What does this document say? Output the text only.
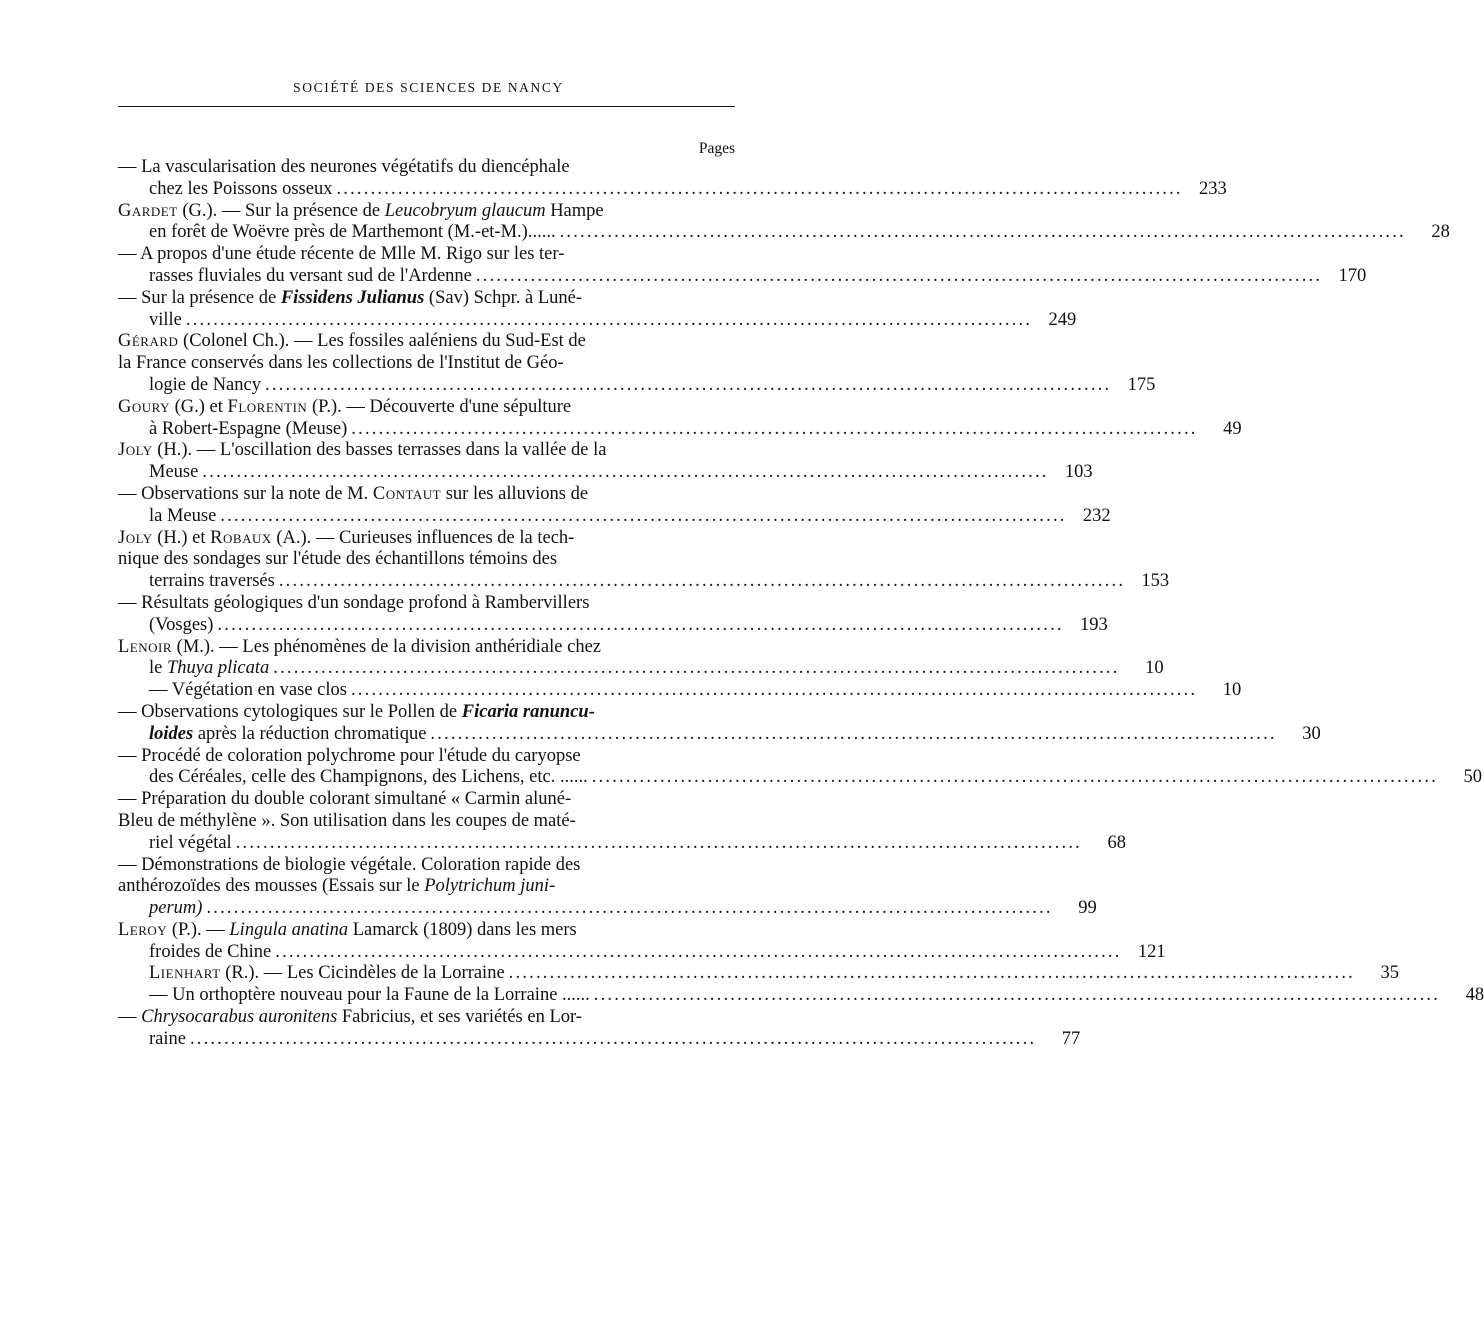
SOCIÉTÉ DES SCIENCES DE NANCY
Pages
— La vascularisation des neurones végétatifs du diencéphale
chez les Poissons osseux ............................................................................................................................ 233
Gardet (G.). — Sur la présence de Leucobryum glaucum Hampe
en forêt de Woëvre près de Marthemont (M.-et-M.)...... ............................................................................................................................	28
— A propos d'une étude récente de Mlle M. Rigo sur les ter-
rasses fluviales du versant sud de l'Ardenne ............................................................................................................................ 170
— Sur la présence de Fissidens Julianus (Sav) Schpr. à Luné-
ville ............................................................................................................................ 249
Gérard (Colonel Ch.). — Les fossiles aaléniens du Sud-Est de
la France conservés dans les collections de l'Institut de Géo-
logie de Nancy ............................................................................................................................ 175
Goury (G.) et Florentin (P.). — Découverte d'une sépulture
à Robert-Espagne (Meuse) ............................................................................................................................	49
Joly (H.). — L'oscillation des basses terrasses dans la vallée de la
Meuse ............................................................................................................................ 103
— Observations sur la note de M. Contaut sur les alluvions de
la Meuse ............................................................................................................................ 232
Joly (H.) et Robaux (A.). — Curieuses influences de la tech-
nique des sondages sur l'étude des échantillons témoins des
terrains traversés ............................................................................................................................ 153
— Résultats géologiques d'un sondage profond à Rambervillers
(Vosges) ............................................................................................................................ 193
Lenoir (M.). — Les phénomènes de la division anthéridiale chez
le Thuya plicata ............................................................................................................................	10
— Végétation en vase clos ............................................................................................................................	10
— Observations cytologiques sur le Pollen de Ficaria ranuncu-
loides après la réduction chromatique ............................................................................................................................	30
— Procédé de coloration polychrome pour l'étude du caryopse
des Céréales, celle des Champignons, des Lichens, etc. ...... ............................................................................................................................	50
— Préparation du double colorant simultané « Carmin aluné-
Bleu de méthylène ». Son utilisation dans les coupes de maté-
riel végétal ............................................................................................................................	68
— Démonstrations de biologie végétale. Coloration rapide des
anthérozoïdes des mousses (Essais sur le Polytrichum juni-
perum) ............................................................................................................................	99
Leroy (P.). — Lingula anatina Lamarck (1809) dans les mers
froides de Chine ............................................................................................................................ 121
Lienhart (R.). — Les Cicindèles de la Lorraine ............................................................................................................................	35
— Un orthoptère nouveau pour la Faune de la Lorraine ...... ............................................................................................................................	48
— Chrysocarabus auronitens Fabricius, et ses variétés en Lor-
raine ............................................................................................................................	77
